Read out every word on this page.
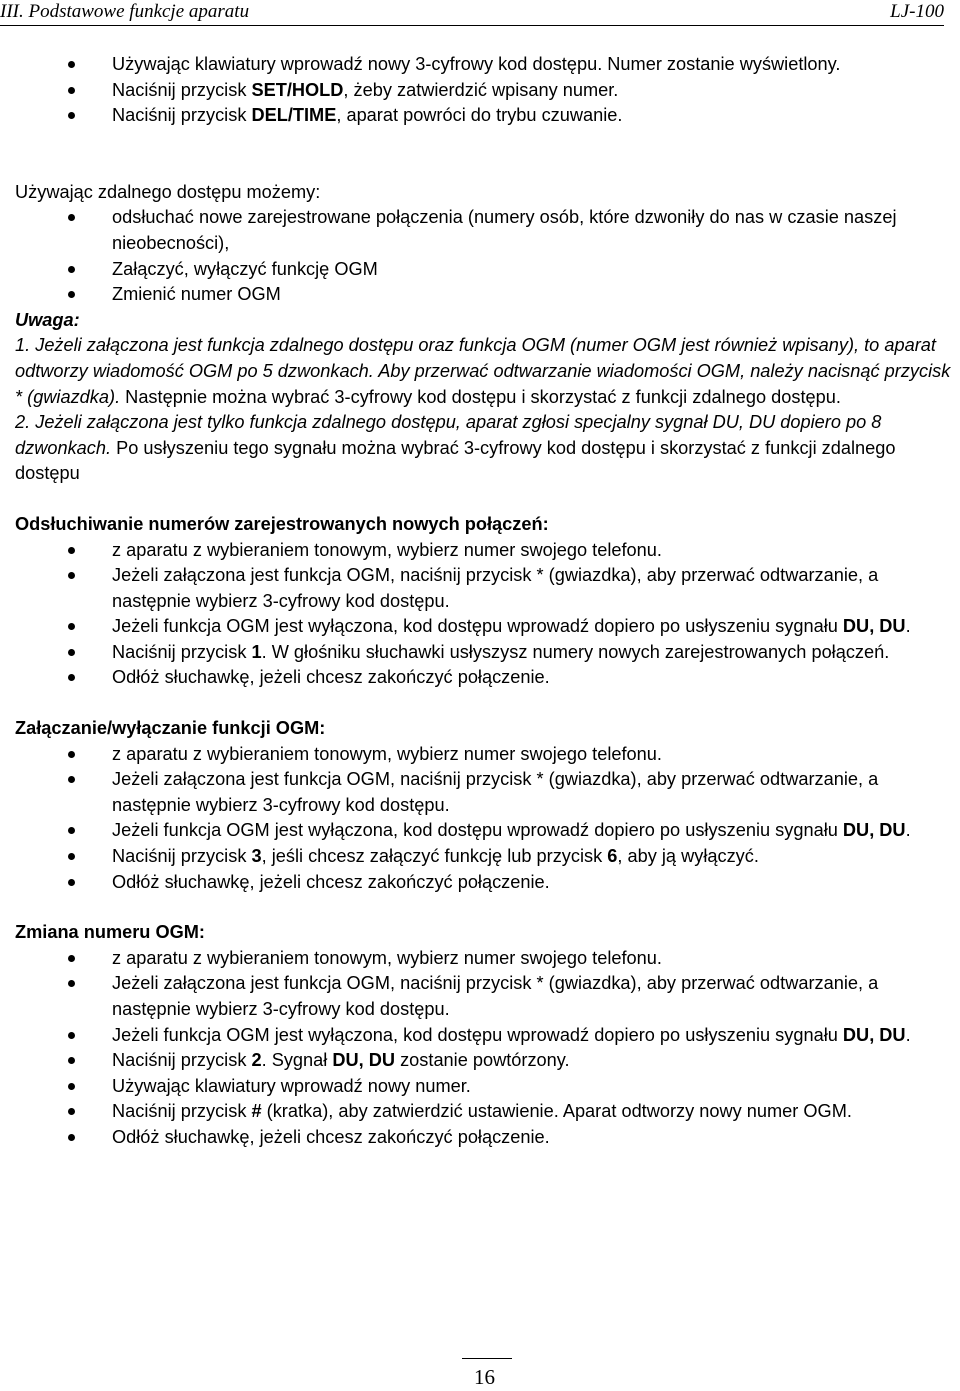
III. Podstawowe funkcje aparatu	LJ-100
Używając klawiatury wprowadź nowy 3-cyfrowy kod dostępu. Numer zostanie wyświetlony.
Naciśnij przycisk SET/HOLD, żeby zatwierdzić wpisany numer.
Naciśnij przycisk DEL/TIME, aparat powróci do trybu czuwanie.

Używając zdalnego dostępu możemy:

odsłuchać nowe zarejestrowane połączenia (numery osób, które dzwoniły do nas w czasie naszej nieobecności),
Załączyć, wyłączyć funkcję OGM
Zmienić numer OGM

Uwaga:

1. Jeżeli załączona jest funkcja zdalnego dostępu oraz funkcja OGM (numer OGM jest również wpisany), to aparat odtworzy wiadomość OGM po 5 dzwonkach. Aby przerwać odtwarzanie wiadomości OGM, należy nacisnąć przycisk * (gwiazdka). Następnie można wybrać 3-cyfrowy kod dostępu i skorzystać z funkcji zdalnego dostępu.

2. Jeżeli załączona jest tylko funkcja zdalnego dostępu, aparat zgłosi specjalny sygnał DU, DU dopiero po 8 dzwonkach. Po usłyszeniu tego sygnału można wybrać 3-cyfrowy kod dostępu i skorzystać z funkcji zdalnego dostępu

Odsłuchiwanie numerów zarejestrowanych nowych połączeń:

z aparatu z wybieraniem tonowym, wybierz numer swojego telefonu.
Jeżeli załączona jest funkcja OGM, naciśnij przycisk * (gwiazdka), aby przerwać odtwarzanie, a następnie wybierz 3-cyfrowy kod dostępu.
Jeżeli funkcja OGM jest wyłączona, kod dostępu wprowadź dopiero po usłyszeniu sygnału DU, DU.
Naciśnij przycisk 1. W głośniku słuchawki usłyszysz numery nowych zarejestrowanych połączeń.
Odłóż słuchawkę, jeżeli chcesz zakończyć połączenie.

Załączanie/wyłączanie funkcji OGM:

z aparatu z wybieraniem tonowym, wybierz numer swojego telefonu.
Jeżeli załączona jest funkcja OGM, naciśnij przycisk * (gwiazdka), aby przerwać odtwarzanie, a następnie wybierz 3-cyfrowy kod dostępu.
Jeżeli funkcja OGM jest wyłączona, kod dostępu wprowadź dopiero po usłyszeniu sygnału DU, DU.
Naciśnij przycisk 3, jeśli chcesz załączyć funkcję lub przycisk 6, aby ją wyłączyć.
Odłóż słuchawkę, jeżeli chcesz zakończyć połączenie.

Zmiana numeru OGM:

z aparatu z wybieraniem tonowym, wybierz numer swojego telefonu.
Jeżeli załączona jest funkcja OGM, naciśnij przycisk * (gwiazdka), aby przerwać odtwarzanie, a następnie wybierz 3-cyfrowy kod dostępu.
Jeżeli funkcja OGM jest wyłączona, kod dostępu wprowadź dopiero po usłyszeniu sygnału DU, DU.
Naciśnij przycisk 2. Sygnał DU, DU zostanie powtórzony.
Używając klawiatury wprowadź nowy numer.
Naciśnij przycisk # (kratka), aby zatwierdzić ustawienie. Aparat odtworzy nowy numer OGM.
Odłóż słuchawkę, jeżeli chcesz zakończyć połączenie.
16
